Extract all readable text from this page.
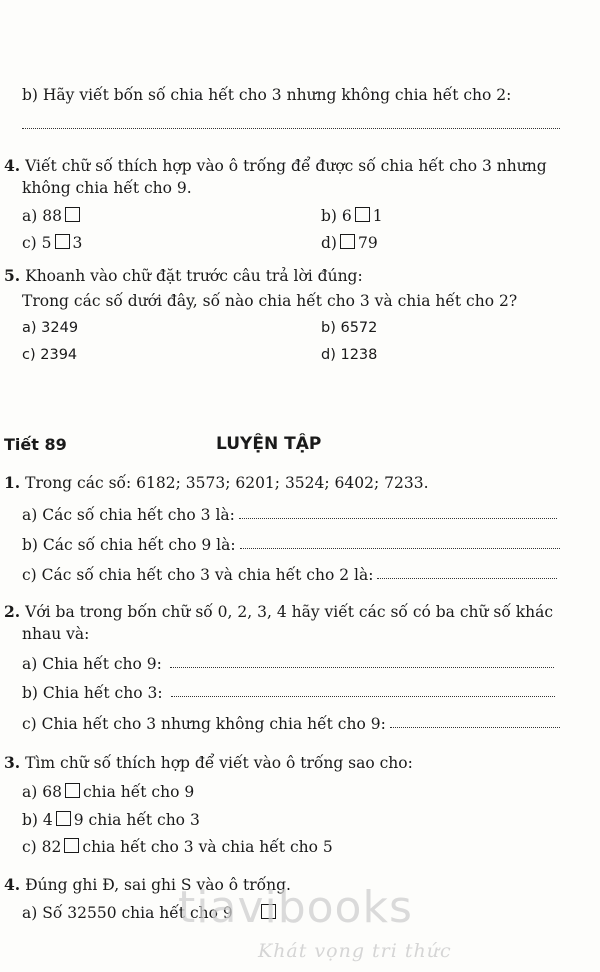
b) Hãy viết bốn số chia hết cho 3 nhưng không chia hết cho 2:
4. Viết chữ số thích hợp vào ô trống để được số chia hết cho 3 nhưng
không chia hết cho 9.
a) 88	b) 6 1
c) 5 3	d) 79
5. Khoanh vào chữ đặt trước câu trả lời đúng:
Trong các số dưới đây, số nào chia hết cho 3 và chia hết cho 2?
a) 3249	b) 6572
c) 2394	d) 1238
Tiết 89	LUYỆN TẬP
1. Trong các số: 6182; 3573; 6201; 3524; 6402; 7233.
a) Các số chia hết cho 3 là:
b) Các số chia hết cho 9 là:
c) Các số chia hết cho 3 và chia hết cho 2 là:
2. Với ba trong bốn chữ số 0, 2, 3, 4 hãy viết các số có ba chữ số khác
nhau và:
a) Chia hết cho 9:
b) Chia hết cho 3:
c) Chia hết cho 3 nhưng không chia hết cho 9:
3. Tìm chữ số thích hợp để viết vào ô trống sao cho:
a) 68 chia hết cho 9
b) 4 9 chia hết cho 3
c) 82 chia hết cho 3 và chia hết cho 5
4. Đúng ghi Đ, sai ghi S vào ô trống.
a) Số 32550 chia hết cho 9
tiavibooks
Khát vọng tri thức
